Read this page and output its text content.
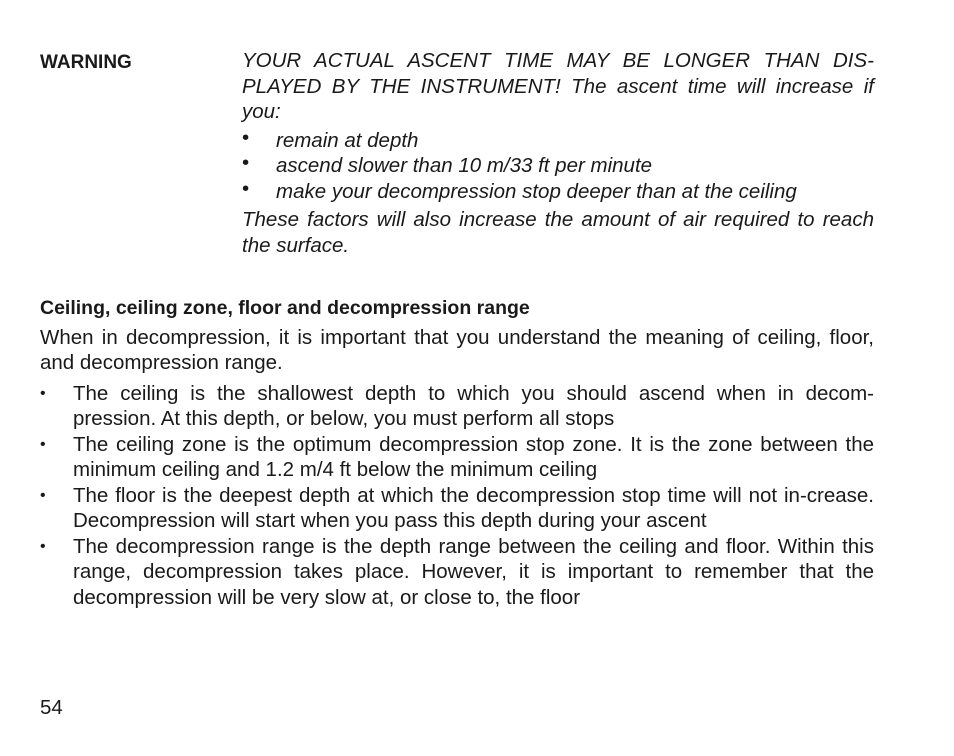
WARNING	YOUR ACTUAL ASCENT TIME MAY BE LONGER THAN DIS-PLAYED BY THE INSTRUMENT! The ascent time will increase if you:

• remain at depth
• ascend slower than 10 m/33 ft per minute
• make your decompression stop deeper than at the ceiling

These factors will also increase the amount of air required to reach the surface.

Ceiling, ceiling zone, floor and decompression range

When in decompression, it is important that you understand the meaning of ceiling, floor, and decompression range.

• The ceiling is the shallowest depth to which you should ascend when in decom-pression. At this depth, or below, you must perform all stops
• The ceiling zone is the optimum decompression stop zone. It is the zone between the minimum ceiling and 1.2 m/4 ft below the minimum ceiling
• The floor is the deepest depth at which the decompression stop time will not in-crease. Decompression will start when you pass this depth during your ascent
• The decompression range is the depth range between the ceiling and floor. Within this range, decompression takes place. However, it is important to remember that the decompression will be very slow at, or close to, the floor
54
